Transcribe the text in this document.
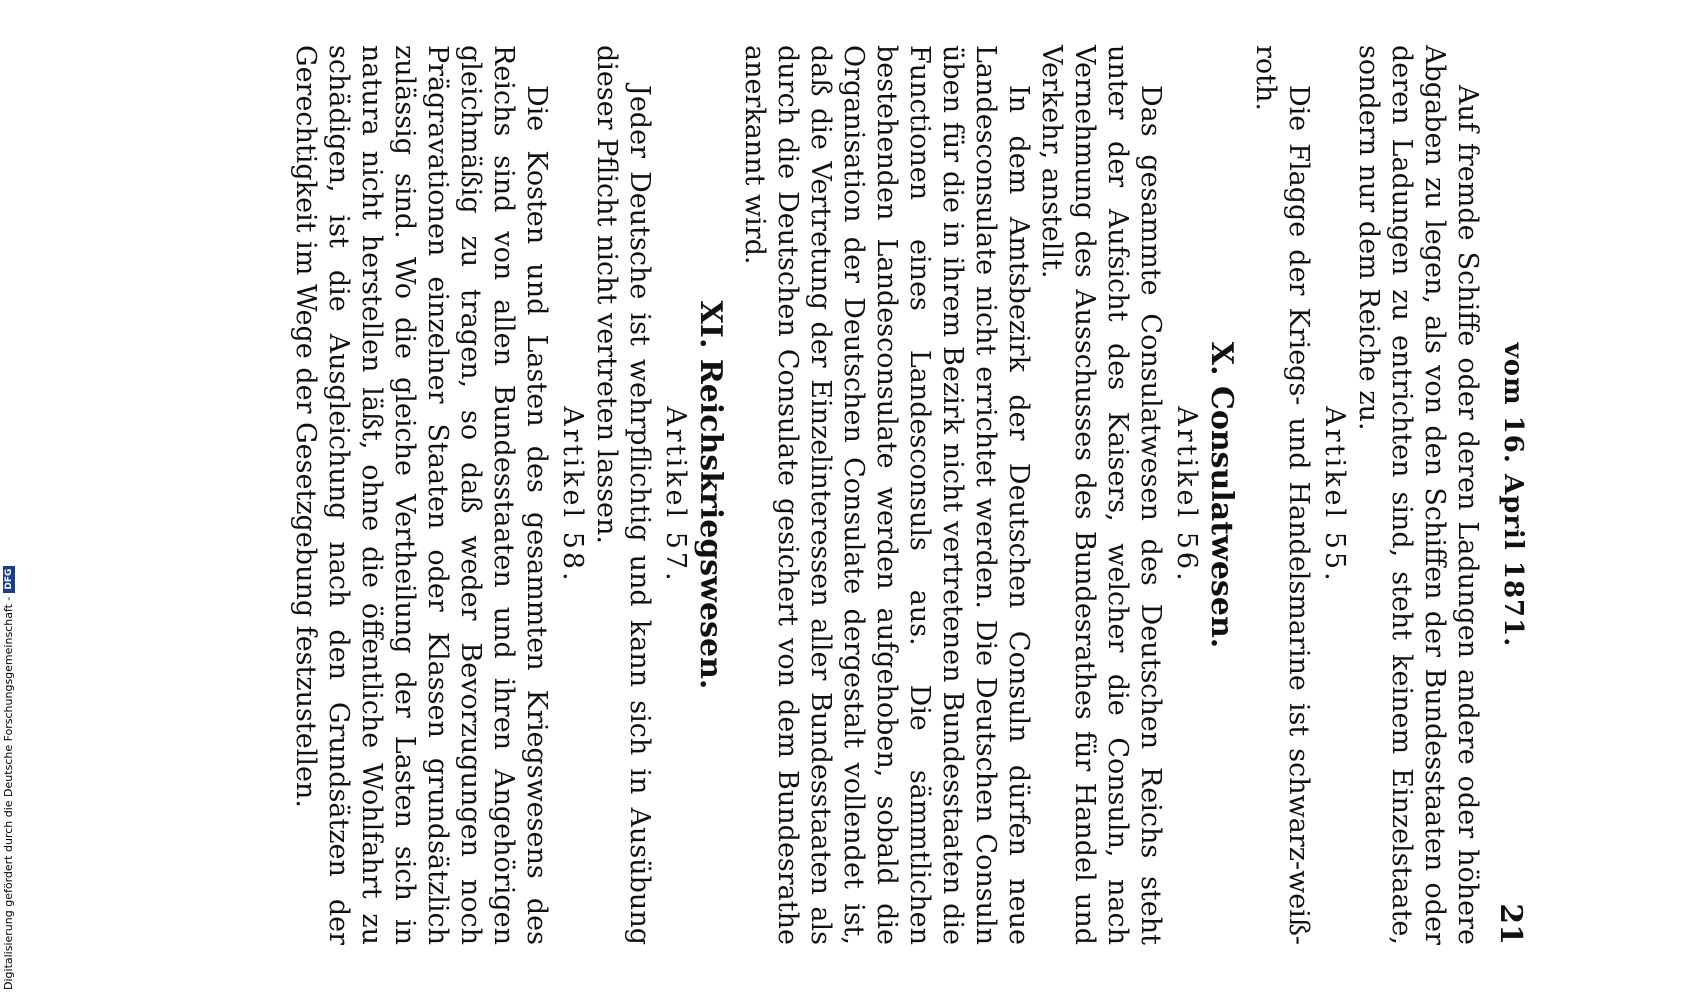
vom 16. April 1871.
21

Auf fremde Schiffe oder deren Ladungen andere oder höhere Abgaben zu legen, als von den Schiffen der Bundesstaaten oder deren Ladungen zu entrichten sind, steht keinem Einzelstaate, sondern nur dem Reiche zu.

Artikel 55.

Die Flagge der Kriegs- und Handelsmarine ist schwarz-weiß-roth.

X. Consulatwesen.
Artikel 56.

Das gesammte Consulatwesen des Deutschen Reichs steht unter der Aufsicht des Kaisers, welcher die Consuln, nach Vernehmung des Ausschusses des Bundesrathes für Handel und Verkehr, anstellt.

In dem Amtsbezirk der Deutschen Consuln dürfen neue Landesconsulate nicht errichtet werden. Die Deutschen Consuln üben für die in ihrem Bezirk nicht vertretenen Bundesstaaten die Functionen eines Landesconsuls aus. Die sämmtlichen bestehenden Landesconsulate werden aufgehoben, sobald die Organisation der Deutschen Consulate dergestalt vollendet ist, daß die Vertretung der Einzelinteressen aller Bundesstaaten als durch die Deutschen Consulate gesichert von dem Bundesrathe anerkannt wird.

XI. Reichskriegswesen.
Artikel 57.

Jeder Deutsche ist wehrpflichtig und kann sich in Ausübung dieser Pflicht nicht vertreten lassen.

Artikel 58.

Die Kosten und Lasten des gesammten Kriegswesens des Reichs sind von allen Bundesstaaten und ihren Angehörigen gleichmäßig zu tragen, so daß weder Bevorzugungen noch Prägravationen einzelner Staaten oder Klassen grundsätzlich zulässig sind. Wo die gleiche Vertheilung der Lasten sich in natura nicht herstellen läßt, ohne die öffentliche Wohlfahrt zu schädigen, ist die Ausgleichung nach den Grundsätzen der Gerechtigkeit im Wege der Gesetzgebung festzustellen.

Digitalisierung gefördert durch die Deutsche Forschungsgemeinschaft -
DFG
